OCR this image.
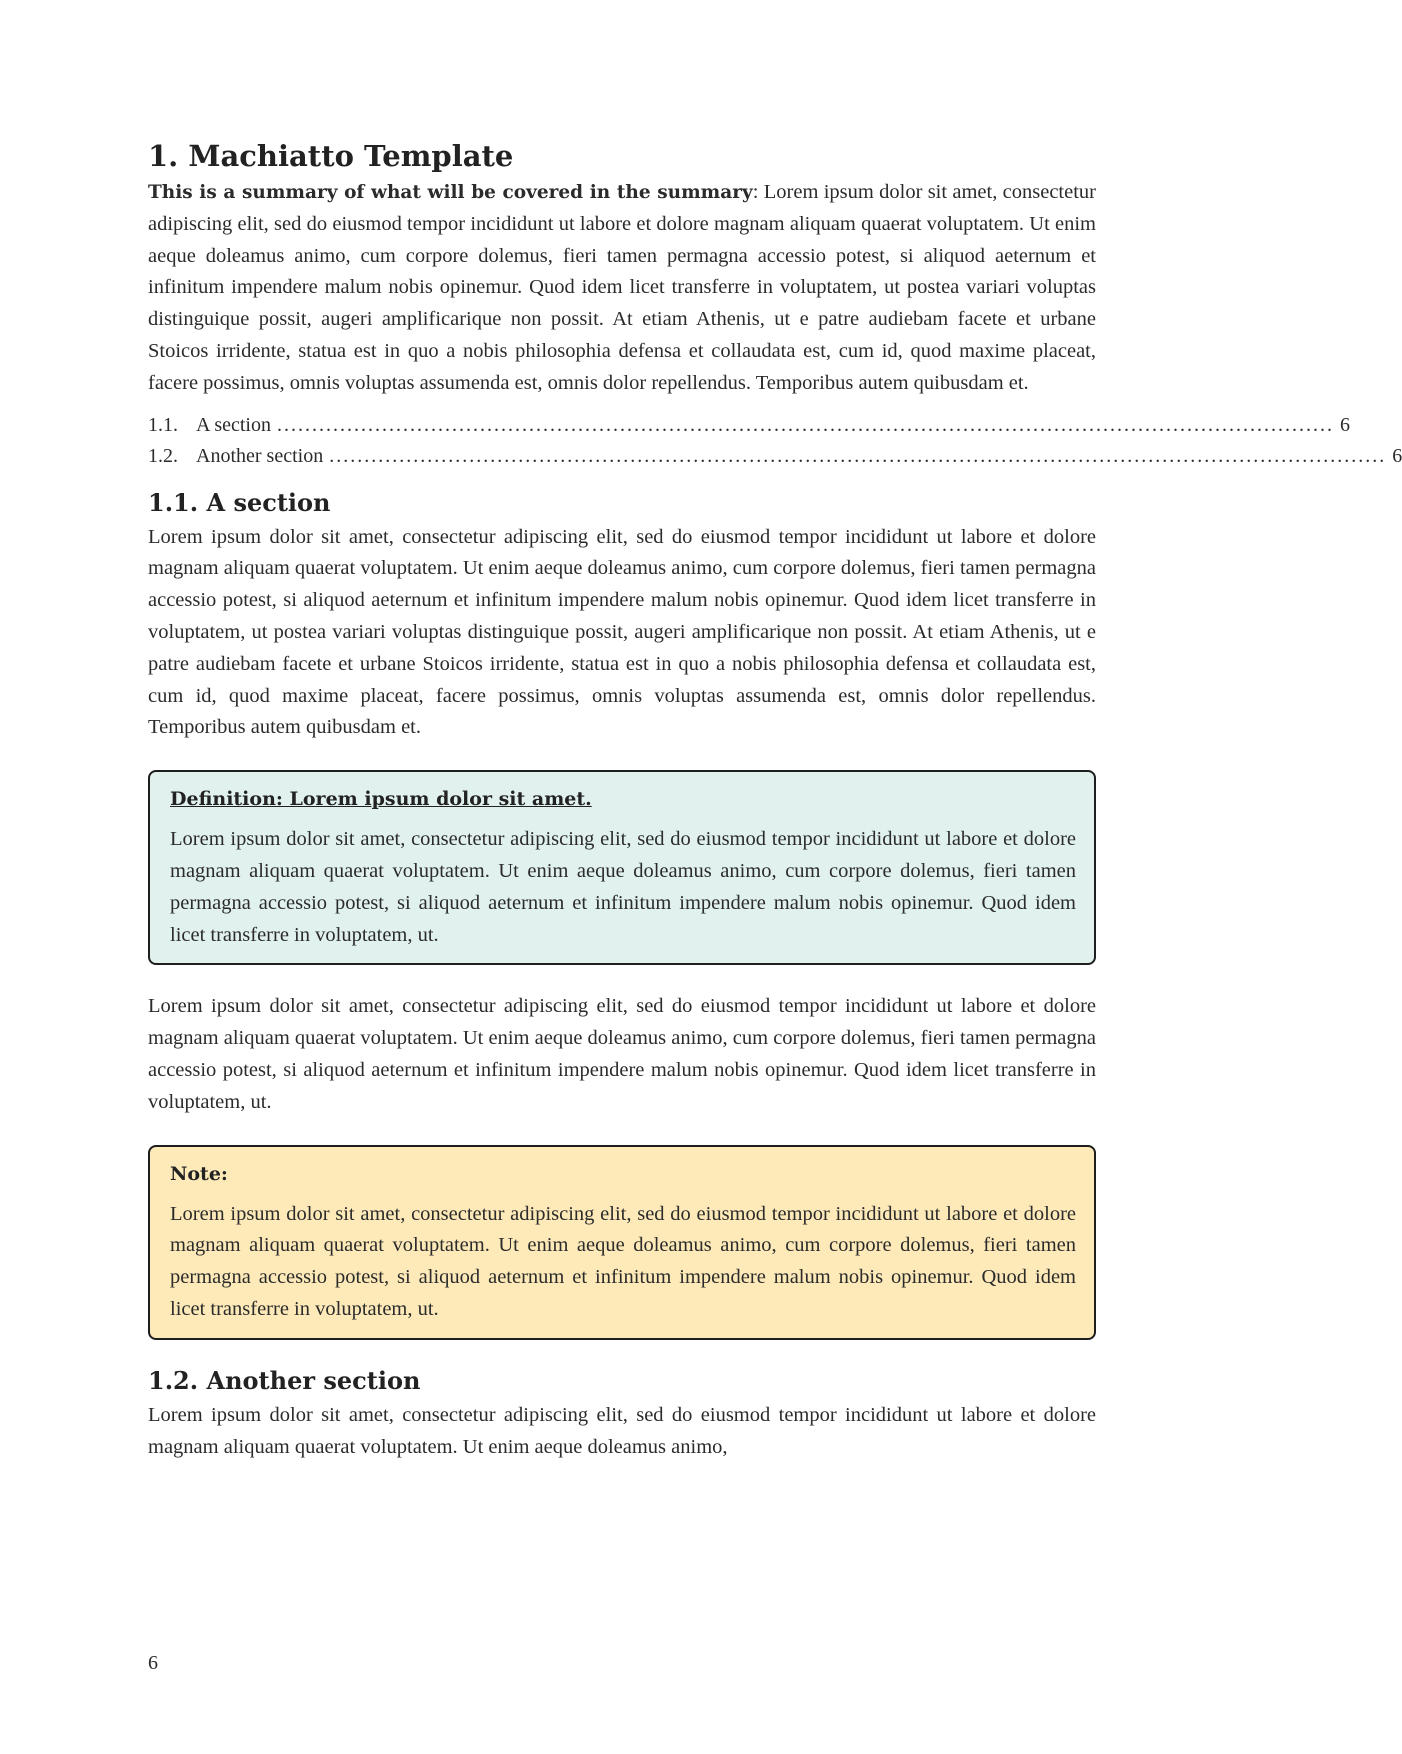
1. Machiatto Template

This is a summary of what will be covered in the summary: Lorem ipsum dolor sit amet, consectetur adipiscing elit, sed do eiusmod tempor incididunt ut labore et dolore magnam aliquam quaerat voluptatem. Ut enim aeque doleamus animo, cum corpore dolemus, fieri tamen permagna accessio potest, si aliquod aeternum et infinitum impendere malum nobis opinemur. Quod idem licet transferre in voluptatem, ut postea variari voluptas distinguique possit, augeri amplificarique non possit. At etiam Athenis, ut e patre audiebam facete et urbane Stoicos irridente, statua est in quo a nobis philosophia defensa et collaudata est, cum id, quod maxime placeat, facere possimus, omnis voluptas assumenda est, omnis dolor repellendus. Temporibus autem quibusdam et.

1.1. A section ....................................................................................................................................................... 6
1.2. Another section ....................................................................................................................................................... 6
1.1. A section

Lorem ipsum dolor sit amet, consectetur adipiscing elit, sed do eiusmod tempor incididunt ut labore et dolore magnam aliquam quaerat voluptatem. Ut enim aeque doleamus animo, cum corpore dolemus, fieri tamen permagna accessio potest, si aliquod aeternum et infinitum impendere malum nobis opinemur. Quod idem licet transferre in voluptatem, ut postea variari voluptas distinguique possit, augeri amplificarique non possit. At etiam Athenis, ut e patre audiebam facete et urbane Stoicos irridente, statua est in quo a nobis philosophia defensa et collaudata est, cum id, quod maxime placeat, facere possimus, omnis voluptas assumenda est, omnis dolor repellendus. Temporibus autem quibusdam et.

Definition: Lorem ipsum dolor sit amet.

Lorem ipsum dolor sit amet, consectetur adipiscing elit, sed do eiusmod tempor incididunt ut labore et dolore magnam aliquam quaerat voluptatem. Ut enim aeque doleamus animo, cum corpore dolemus, fieri tamen permagna accessio potest, si aliquod aeternum et infinitum impendere malum nobis opinemur. Quod idem licet transferre in voluptatem, ut.

Lorem ipsum dolor sit amet, consectetur adipiscing elit, sed do eiusmod tempor incididunt ut labore et dolore magnam aliquam quaerat voluptatem. Ut enim aeque doleamus animo, cum corpore dolemus, fieri tamen permagna accessio potest, si aliquod aeternum et infinitum impendere malum nobis opinemur. Quod idem licet transferre in voluptatem, ut.

Note:

Lorem ipsum dolor sit amet, consectetur adipiscing elit, sed do eiusmod tempor incididunt ut labore et dolore magnam aliquam quaerat voluptatem. Ut enim aeque doleamus animo, cum corpore dolemus, fieri tamen permagna accessio potest, si aliquod aeternum et infinitum impendere malum nobis opinemur. Quod idem licet transferre in voluptatem, ut.

1.2. Another section

Lorem ipsum dolor sit amet, consectetur adipiscing elit, sed do eiusmod tempor incididunt ut labore et dolore magnam aliquam quaerat voluptatem. Ut enim aeque doleamus animo,

6
